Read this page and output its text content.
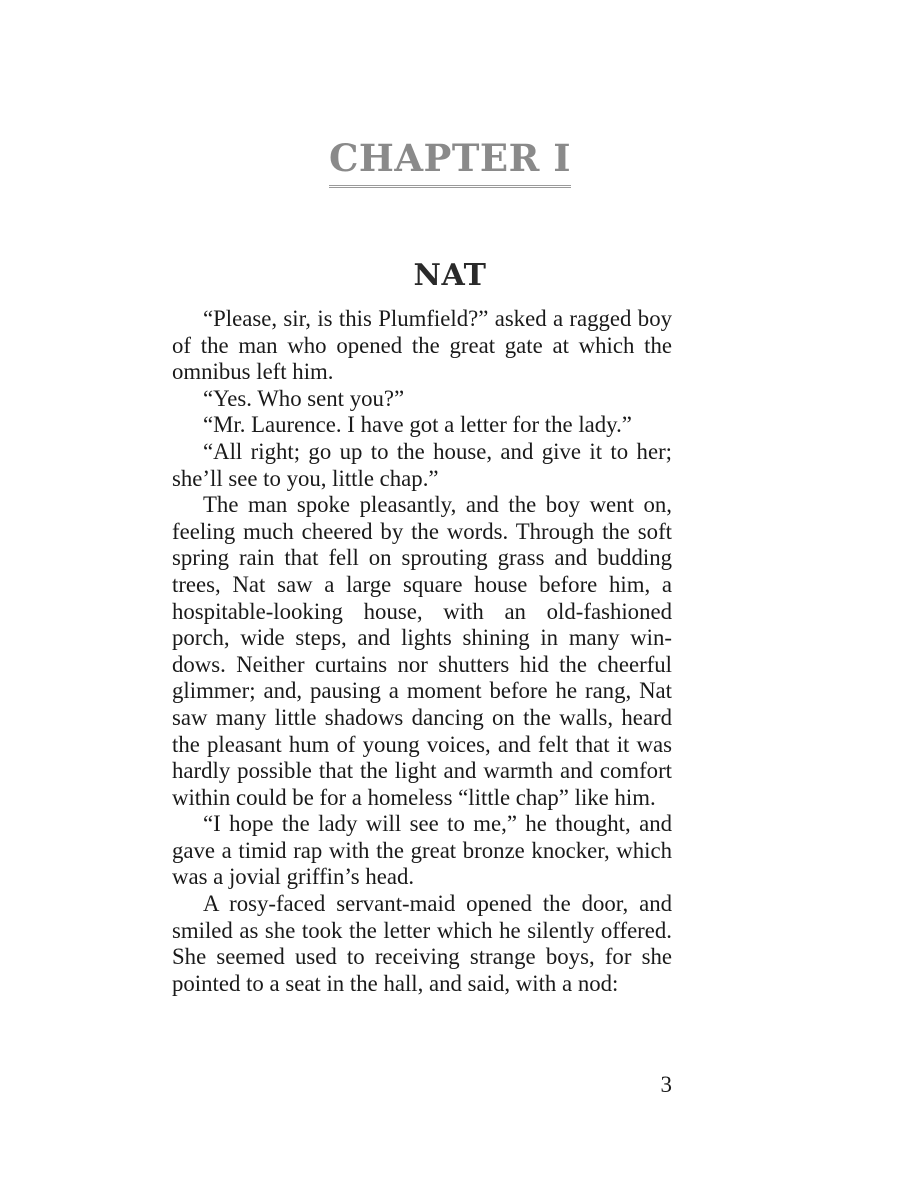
CHAPTER I
NAT

“Please, sir, is this Plumfield?” asked a ragged boy of the man who opened the great gate at which the omnibus left him.

“Yes. Who sent you?”

“Mr. Laurence. I have got a letter for the lady.”

“All right; go up to the house, and give it to her; she’ll see to you, little chap.”

The man spoke pleasantly, and the boy went on, feeling much cheered by the words. Through the soft spring rain that fell on sprouting grass and budding trees, Nat saw a large square house before him, a hospitable-looking house, with an old-fashioned porch, wide steps, and lights shining in many win-dows. Neither curtains nor shutters hid the cheerful glimmer; and, pausing a moment before he rang, Nat saw many little shadows dancing on the walls, heard the pleasant hum of young voices, and felt that it was hardly possible that the light and warmth and comfort within could be for a homeless “little chap” like him.

“I hope the lady will see to me,” he thought, and gave a timid rap with the great bronze knocker, which was a jovial griffin’s head.

A rosy-faced servant-maid opened the door, and smiled as she took the letter which he silently offered. She seemed used to receiving strange boys, for she pointed to a seat in the hall, and said, with a nod:

3
